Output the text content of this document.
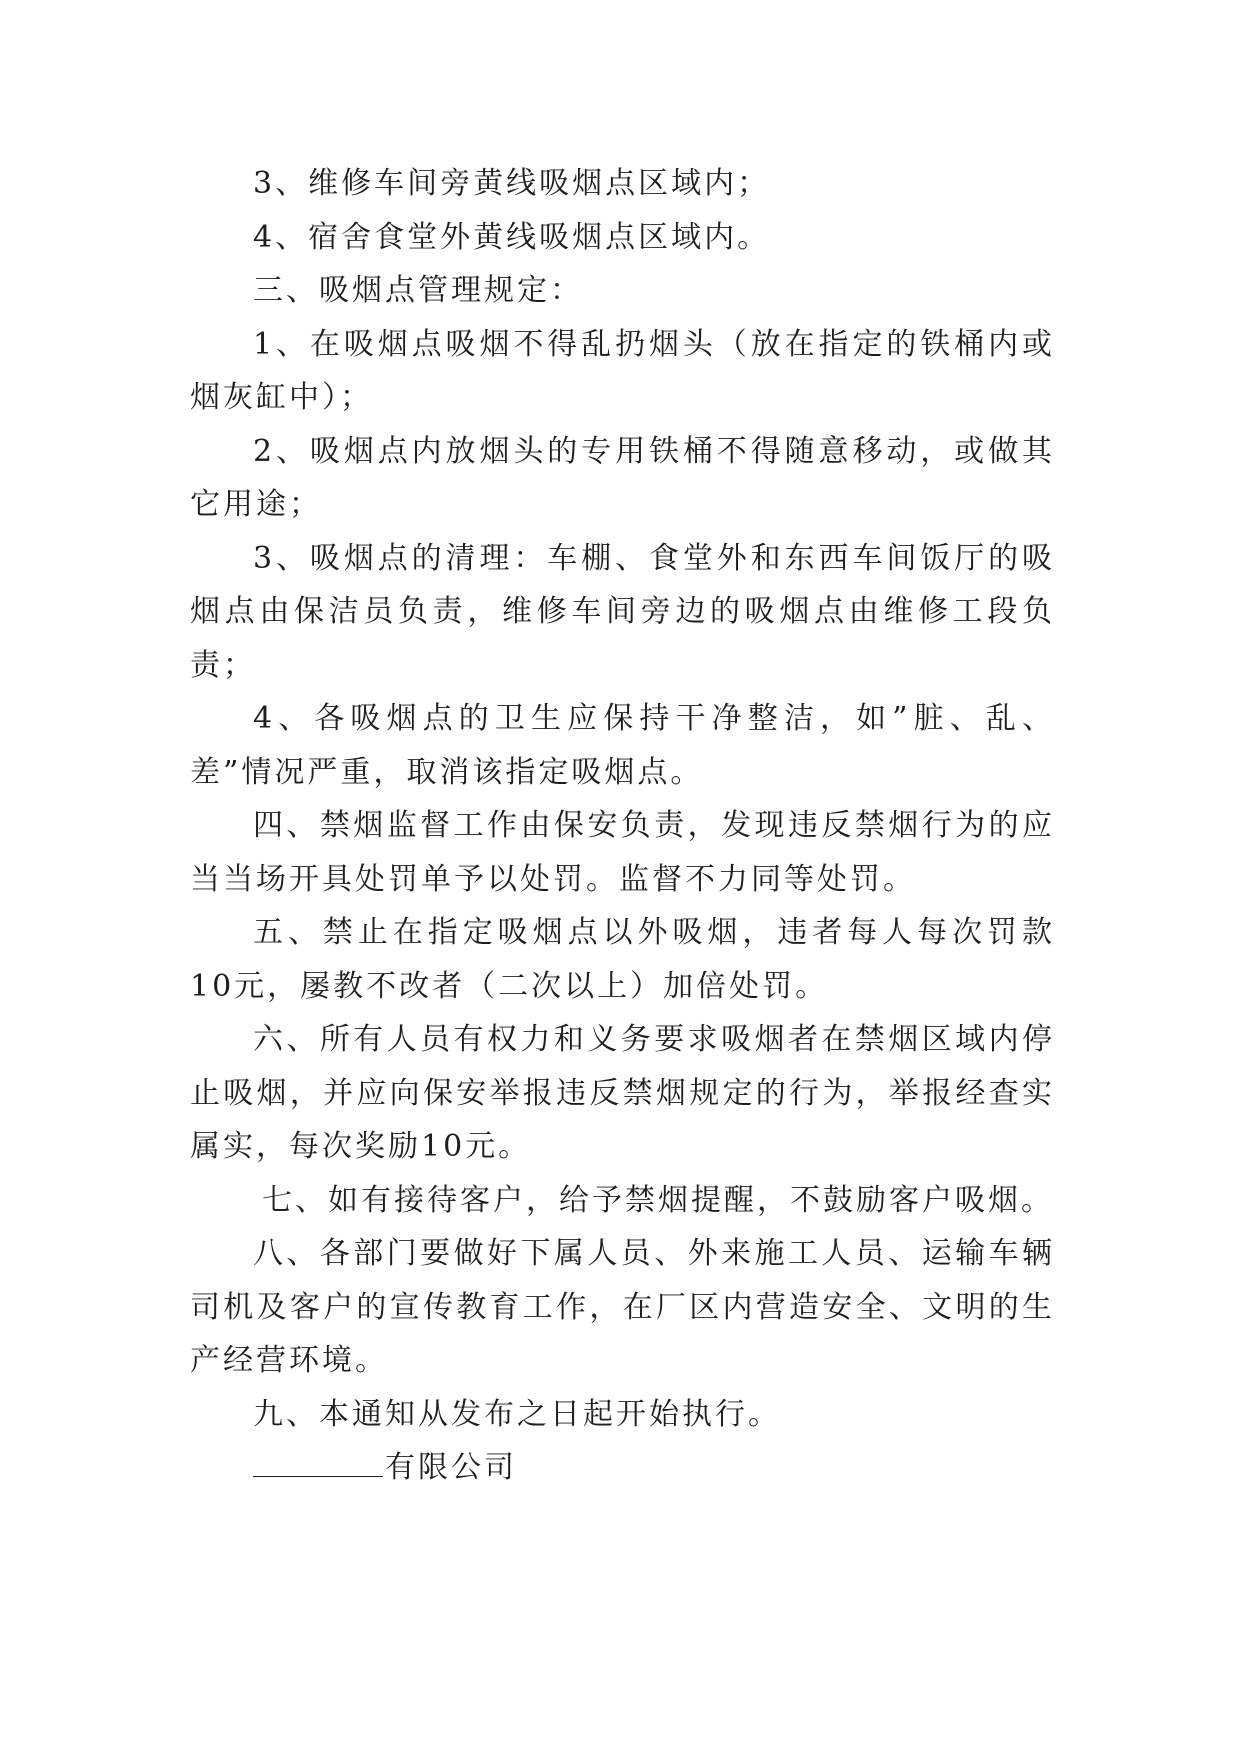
3、维修车间旁黄线吸烟点区域内；

4、宿舍食堂外黄线吸烟点区域内。

三、吸烟点管理规定：

1、在吸烟点吸烟不得乱扔烟头（放在指定的铁桶内或烟灰缸中）；

2、吸烟点内放烟头的专用铁桶不得随意移动，或做其它用途；

3、吸烟点的清理：车棚、食堂外和东西车间饭厅的吸烟点由保洁员负责，维修车间旁边的吸烟点由维修工段负责；

4、各吸烟点的卫生应保持干净整洁，如”脏、乱、差”情况严重，取消该指定吸烟点。

四、禁烟监督工作由保安负责，发现违反禁烟行为的应当当场开具处罚单予以处罚。监督不力同等处罚。

五、禁止在指定吸烟点以外吸烟，违者每人每次罚款10元，屡教不改者（二次以上）加倍处罚。

六、所有人员有权力和义务要求吸烟者在禁烟区域内停止吸烟，并应向保安举报违反禁烟规定的行为，举报经查实属实，每次奖励10元。

七、如有接待客户，给予禁烟提醒，不鼓励客户吸烟。

八、各部门要做好下属人员、外来施工人员、运输车辆司机及客户的宣传教育工作，在厂区内营造安全、文明的生产经营环境。

九、本通知从发布之日起开始执行。

有限公司
